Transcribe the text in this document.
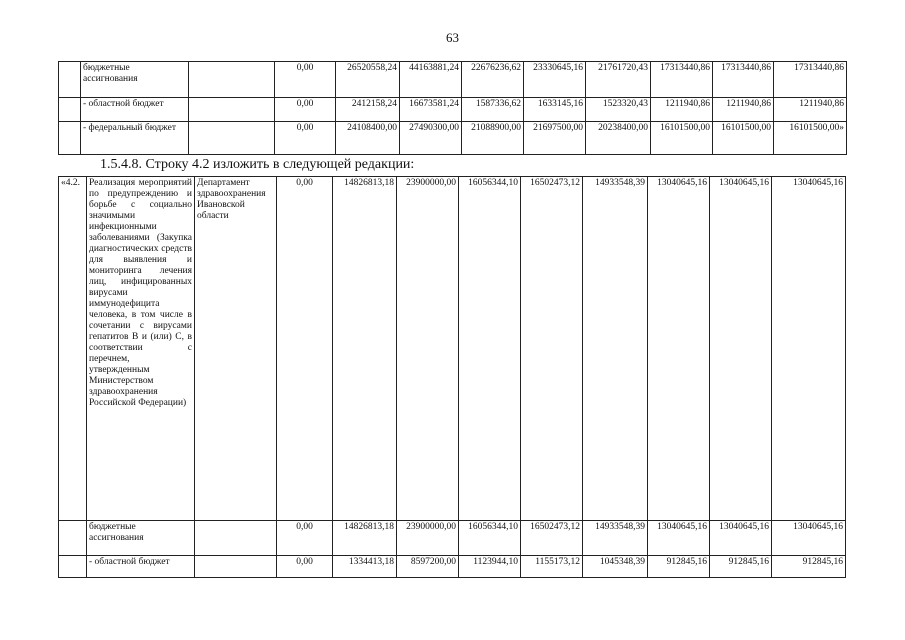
63
	бюджетные ассигнования		0,00	26520558,24	44163881,24	22676236,62	23330645,16	21761720,43	17313440,86	17313440,86	17313440,86
	- областной бюджет		0,00	2412158,24	16673581,24	1587336,62	1633145,16	1523320,43	1211940,86	1211940,86	1211940,86
	- федеральный бюджет		0,00	24108400,00	27490300,00	21088900,00	21697500,00	20238400,00	16101500,00	16101500,00	16101500,00»
1.5.4.8. Строку 4.2 изложить в следующей редакции:
«4.2.	Реализация мероприятий по предупреждению и борьбе с социально значимыми инфекционными заболеваниями (Закупка диагностических средств для выявления и мониторинга лечения лиц, инфицированных вирусами иммунодефицита человека, в том числе в сочетании с вирусами гепатитов B и (или) C, в соответствии с перечнем, утвержденным Министерством здравоохранения Российской Федерации)	Департамент здравоохранения Ивановской области	0,00	14826813,18	23900000,00	16056344,10	16502473,12	14933548,39	13040645,16	13040645,16	13040645,16
	бюджетные ассигнования		0,00	14826813,18	23900000,00	16056344,10	16502473,12	14933548,39	13040645,16	13040645,16	13040645,16
	- областной бюджет		0,00	1334413,18	8597200,00	1123944,10	1155173,12	1045348,39	912845,16	912845,16	912845,16
